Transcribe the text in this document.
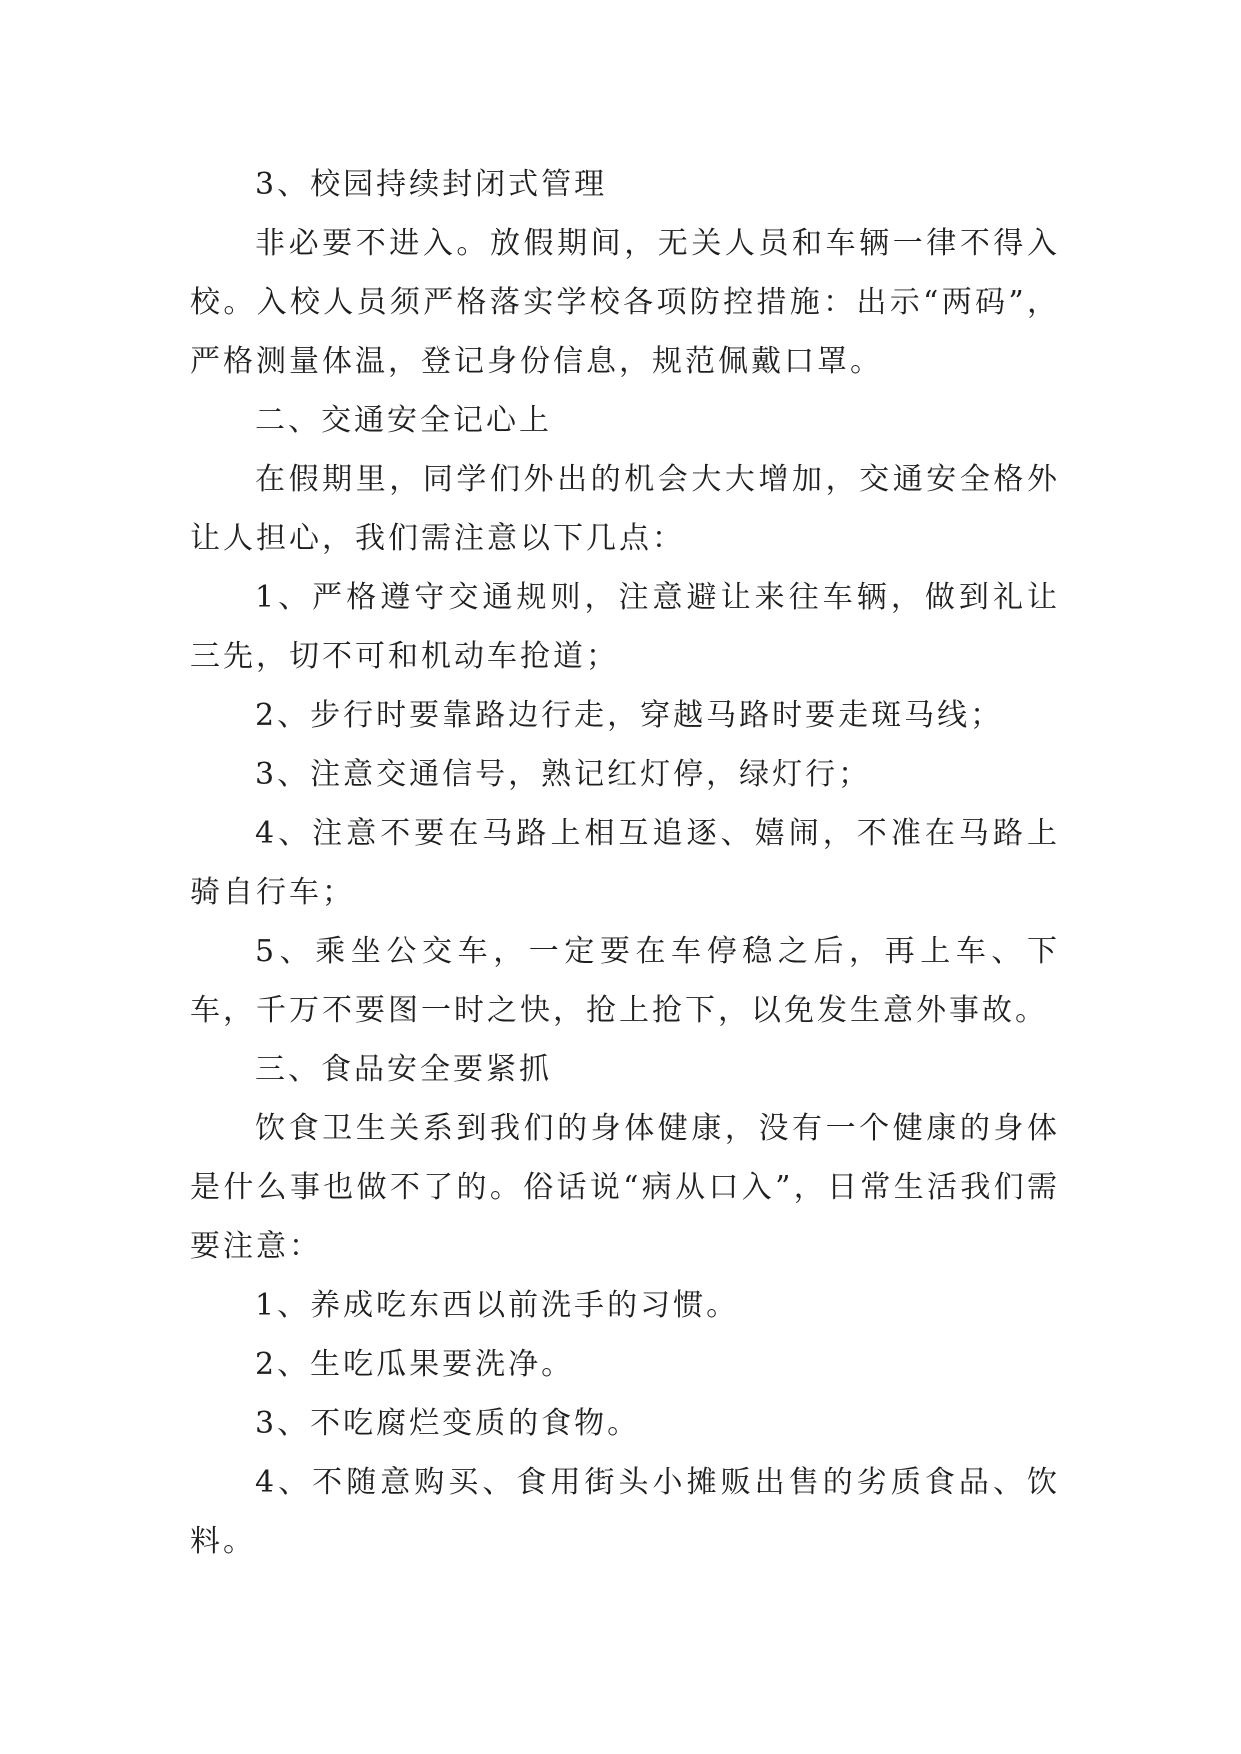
3、校园持续封闭式管理

非必要不进入。放假期间，无关人员和车辆一律不得入校。入校人员须严格落实学校各项防控措施：出示“两码”，严格测量体温，登记身份信息，规范佩戴口罩。

二、交通安全记心上

在假期里，同学们外出的机会大大增加，交通安全格外让人担心，我们需注意以下几点：

1、严格遵守交通规则，注意避让来往车辆，做到礼让三先，切不可和机动车抢道；

2、步行时要靠路边行走，穿越马路时要走斑马线；

3、注意交通信号，熟记红灯停，绿灯行；

4、注意不要在马路上相互追逐、嬉闹，不准在马路上骑自行车；

5、乘坐公交车，一定要在车停稳之后，再上车、下车，千万不要图一时之快，抢上抢下，以免发生意外事故。

三、食品安全要紧抓

饮食卫生关系到我们的身体健康，没有一个健康的身体是什么事也做不了的。俗话说“病从口入”，日常生活我们需要注意：

1、养成吃东西以前洗手的习惯。

2、生吃瓜果要洗净。

3、不吃腐烂变质的食物。

4、不随意购买、食用街头小摊贩出售的劣质食品、饮料。
